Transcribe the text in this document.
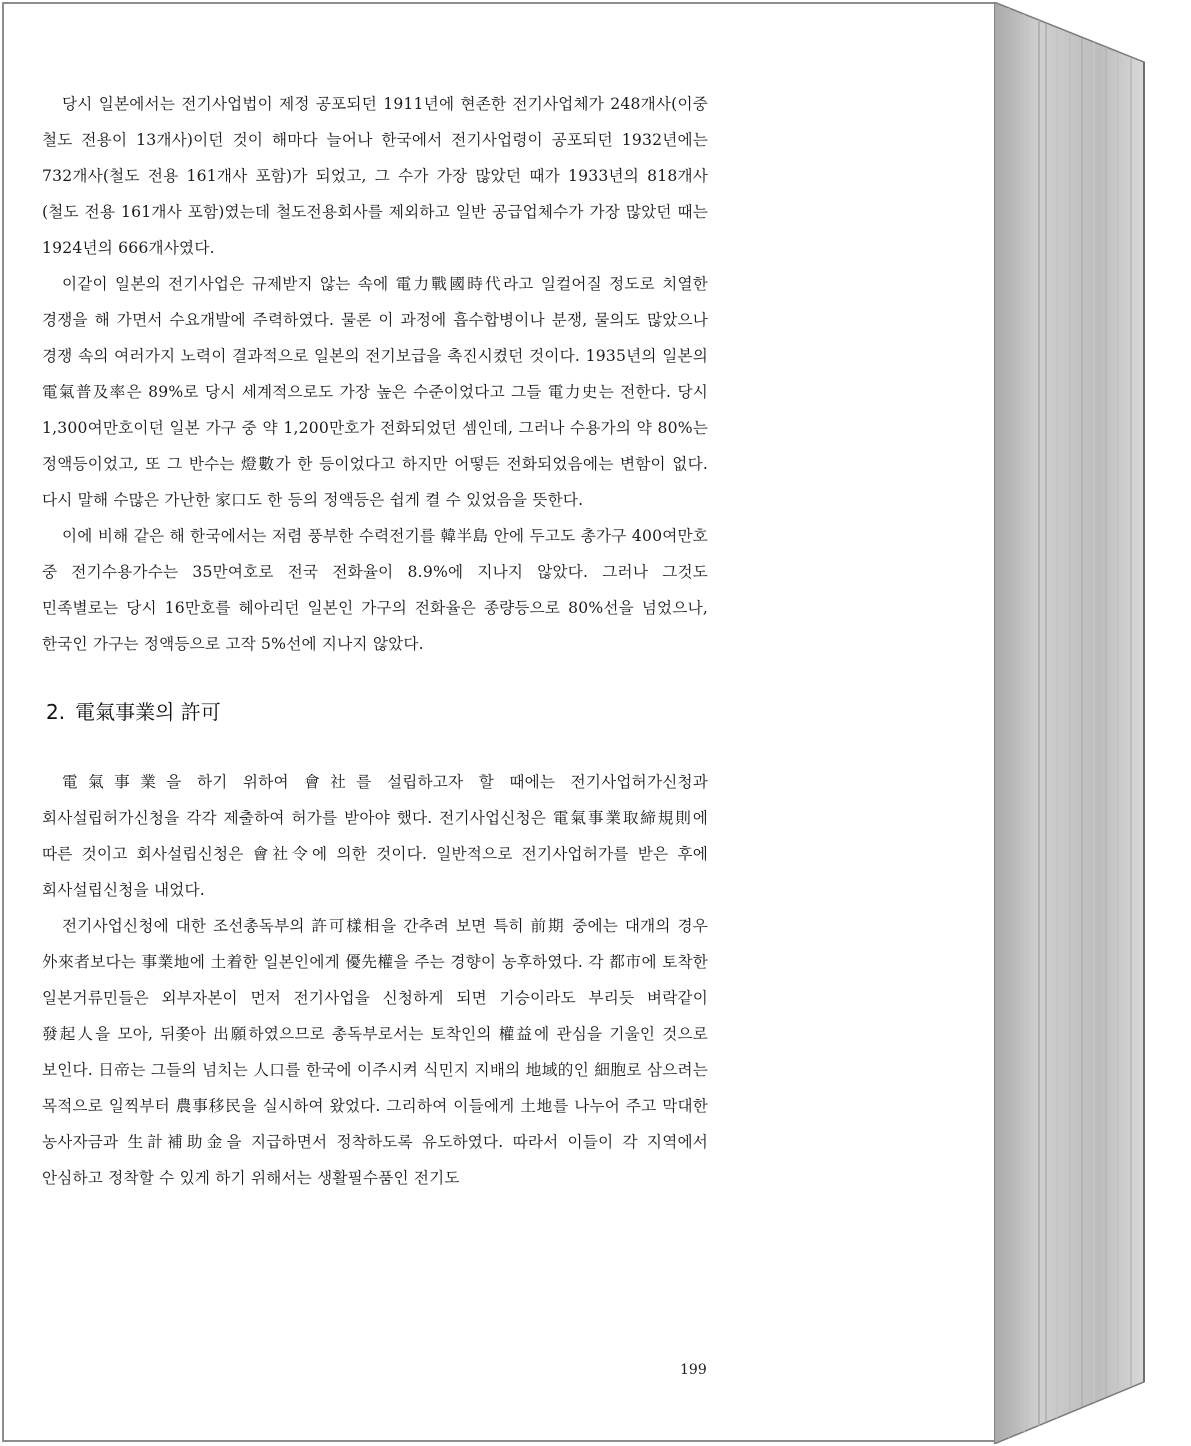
당시 일본에서는 전기사업법이 제정 공포되던 1911년에 현존한 전기사업체가 248개사(이중 철도 전용이 13개사)이던 것이 해마다 늘어나 한국에서 전기사업령이 공포되던 1932년에는 732개사(철도 전용 161개사 포함)가 되었고, 그 수가 가장 많았던 때가 1933년의 818개사(철도 전용 161개사 포함)였는데 철도전용회사를 제외하고 일반 공급업체수가 가장 많았던 때는 1924년의 666개사였다.

이같이 일본의 전기사업은 규제받지 않는 속에 電力戰國時代라고 일컬어질 정도로 치열한 경쟁을 해 가면서 수요개발에 주력하였다. 물론 이 과정에 흡수합병이나 분쟁, 물의도 많았으나 경쟁 속의 여러가지 노력이 결과적으로 일본의 전기보급을 촉진시켰던 것이다. 1935년의 일본의 電氣普及率은 89%로 당시 세계적으로도 가장 높은 수준이었다고 그들 電力史는 전한다. 당시 1,300여만호이던 일본 가구 중 약 1,200만호가 전화되었던 셈인데, 그러나 수용가의 약 80%는 정액등이었고, 또 그 반수는 燈數가 한 등이었다고 하지만 어떻든 전화되었음에는 변함이 없다. 다시 말해 수많은 가난한 家口도 한 등의 정액등은 쉽게 켤 수 있었음을 뜻한다.

이에 비해 같은 해 한국에서는 저렴 풍부한 수력전기를 韓半島 안에 두고도 총가구 400여만호 중 전기수용가수는 35만여호로 전국 전화율이 8.9%에 지나지 않았다. 그러나 그것도 민족별로는 당시 16만호를 헤아리던 일본인 가구의 전화율은 종량등으로 80%선을 넘었으나, 한국인 가구는 정액등으로 고작 5%선에 지나지 않았다.

2. 電氣事業의 許可

電氣事業을 하기 위하여 會社를 설립하고자 할 때에는 전기사업허가신청과 회사설립허가신청을 각각 제출하여 허가를 받아야 했다. 전기사업신청은 電氣事業取締規則에 따른 것이고 회사설립신청은 會社令에 의한 것이다. 일반적으로 전기사업허가를 받은 후에 회사설립신청을 내었다.

전기사업신청에 대한 조선총독부의 許可樣相을 간추려 보면 특히 前期 중에는 대개의 경우 外來者보다는 事業地에 土着한 일본인에게 優先權을 주는 경향이 농후하였다. 각 都市에 토착한 일본거류민들은 외부자본이 먼저 전기사업을 신청하게 되면 기승이라도 부리듯 벼락같이 發起人을 모아, 뒤쫓아 出願하였으므로 총독부로서는 토착인의 權益에 관심을 기울인 것으로 보인다. 日帝는 그들의 넘치는 人口를 한국에 이주시켜 식민지 지배의 地域的인 細胞로 삼으려는 목적으로 일찍부터 農事移民을 실시하여 왔었다. 그리하여 이들에게 土地를 나누어 주고 막대한 농사자금과 生計補助金을 지급하면서 정착하도록 유도하였다. 따라서 이들이 각 지역에서 안심하고 정착할 수 있게 하기 위해서는 생활필수품인 전기도

199
